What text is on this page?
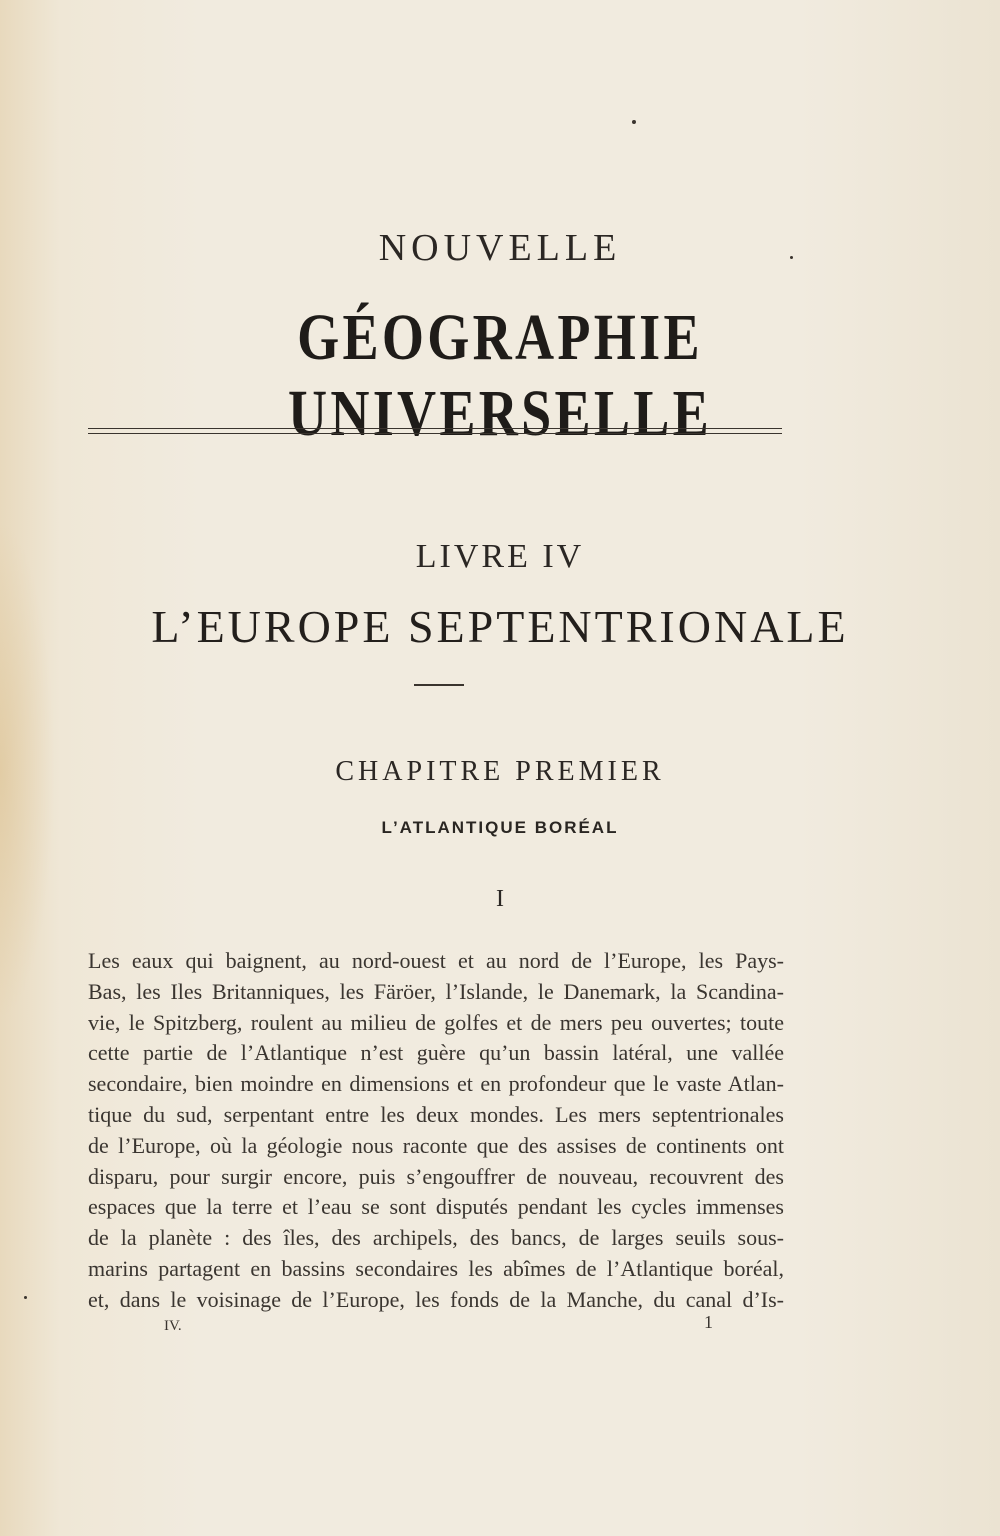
NOUVELLE
GÉOGRAPHIE UNIVERSELLE
LIVRE IV
L’EUROPE SEPTENTRIONALE
CHAPITRE PREMIER
L’ATLANTIQUE BORÉAL
I
Les eaux qui baignent, au nord-ouest et au nord de l’Europe, les Pays-
Bas, les Iles Britanniques, les Färöer, l’Islande, le Danemark, la Scandina-
vie, le Spitzberg, roulent au milieu de golfes et de mers peu ouvertes; toute
cette partie de l’Atlantique n’est guère qu’un bassin latéral, une vallée
secondaire, bien moindre en dimensions et en profondeur que le vaste Atlan-
tique du sud, serpentant entre les deux mondes. Les mers septentrionales
de l’Europe, où la géologie nous raconte que des assises de continents ont
disparu, pour surgir encore, puis s’engouffrer de nouveau, recouvrent des
espaces que la terre et l’eau se sont disputés pendant les cycles immenses
de la planète : des îles, des archipels, des bancs, de larges seuils sous-
marins partagent en bassins secondaires les abîmes de l’Atlantique boréal,
et, dans le voisinage de l’Europe, les fonds de la Manche, du canal d’Is-
IV.	1
